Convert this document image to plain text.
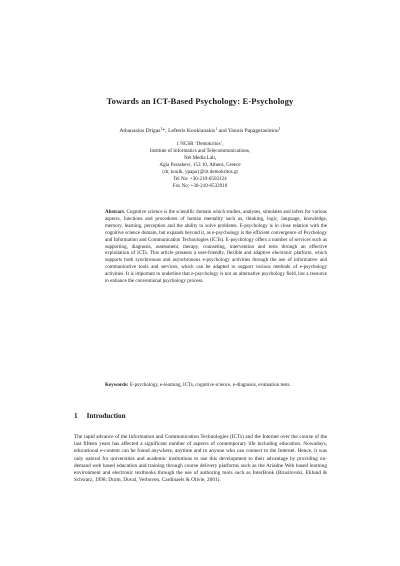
Towards an ICT-Based Psychology: E-Psychology
Athanasios Drigas$^1$*, Lefteris Koukianakis$^1$ and Yannis Papagerasimou$^1$
1 NCSR ‘Demokritos’,
Institute of Informatics and Telecommunications,
Net Media Lab,
Agia Paraskevi, 153 10, Athens, Greece
{dr, koulk, ypapa}@iit.demokritos.gr
Tel No: +30-210-6503124
Fax No: +30-210-6532910
Abstract. Cognitive science is the scientific domain which studies, analyses, simulates and infers for various aspects, functions and procedures of human mentality such as, thinking, logic, language, knowledge, memory, learning, perception and the ability to solve problems. E-psychology is in close relation with the cognitive science domain, but expands beyond it, as e-psychology is the efficient convergence of Psychology and Information and Communication Technologies (ICTs). E-psychology offers a number of services such as supporting, diagnosis, assessment, therapy, counseling, intervention and tests through an effective exploitation of ICTs. This article presents a user-friendly, flexible and adaptive electronic platform, which supports both synchronous and asynchronous e-psychology activities through the use of informative and communicative tools and services, which can be adapted to support various methods of e-psychology activities. It is important to underline that e-psychology is not an alternative psychology field, but a resource to enhance the conventional psychology process.
Keywords: E-psychology, e-learning, ICTs, cognitive science, e-diagnosis, evaluation tests.
1 Introduction
The rapid advance of the Information and Communication Technologies (ICTs) and the Internet over the course of the last fifteen years has affected a significant number of aspects of contemporary life including education. Nowadays, educational e-content can be found anywhere, anytime and to anyone who can connect to the Internet. Hence, it was only natural for universities and academic institutions to use this development to their advantage by providing on-demand web based education and training through course delivery platforms such as the Ariadne Web based learning environment and electronic textbooks through the use of authoring tools such as InterBook (Brusilovski, Eklund & Schwarz, 1998; Durm, Duval, Verboven, Cardinaels & Olivie, 2001).
